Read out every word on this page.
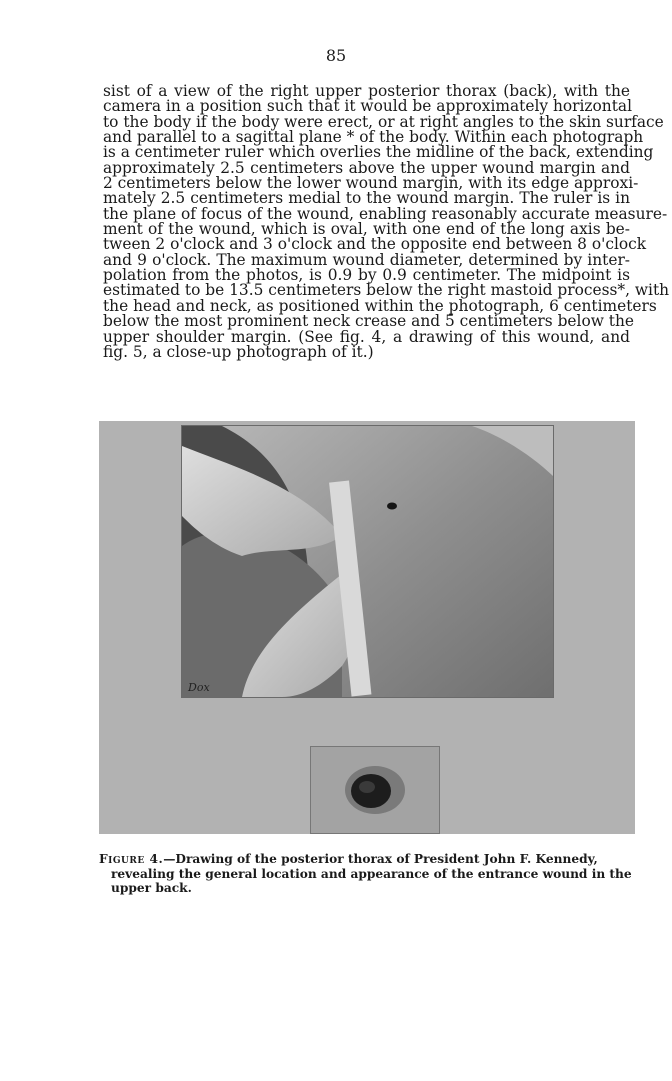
85
sist of a view of the right upper posterior thorax (back), with the
camera in a position such that it would be approximately horizontal
to the body if the body were erect, or at right angles to the skin surface
and parallel to a sagittal plane * of the body. Within each photograph
is a centimeter ruler which overlies the midline of the back, extending
approximately 2.5 centimeters above the upper wound margin and
2 centimeters below the lower wound margin, with its edge approxi-
mately 2.5 centimeters medial to the wound margin. The ruler is in
the plane of focus of the wound, enabling reasonably accurate measure-
ment of the wound, which is oval, with one end of the long axis be-
tween 2 o'clock and 3 o'clock and the opposite end between 8 o'clock
and 9 o'clock. The maximum wound diameter, determined by inter-
polation from the photos, is 0.9 by 0.9 centimeter. The midpoint is
estimated to be 13.5 centimeters below the right mastoid process*, with
the head and neck, as positioned within the photograph, 6 centimeters
below the most prominent neck crease and 5 centimeters below the
upper shoulder margin. (See fig. 4, a drawing of this wound, and
fig. 5, a close-up photograph of it.)
Dox
Figure 4.—Drawing of the posterior thorax of President John F. Kennedy,
revealing the general location and appearance of the entrance wound in the
upper back.
